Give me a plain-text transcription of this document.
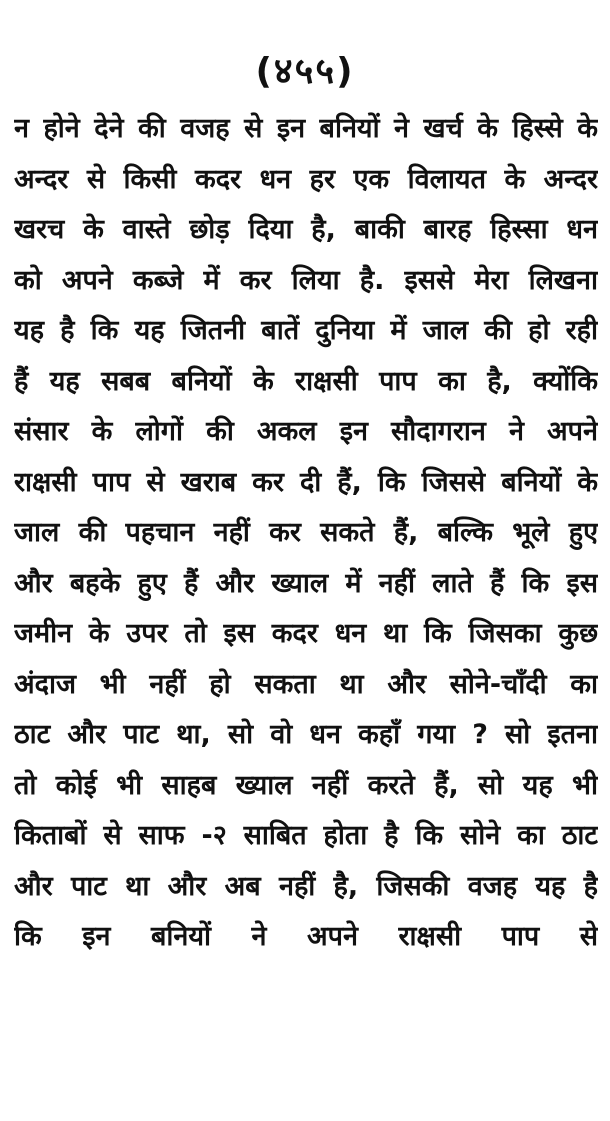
(४५५)
न होने देने की वजह से इन बनियों ने खर्च के हिस्से के
अन्दर से किसी कदर धन हर एक विलायत के अन्दर
खरच के वास्ते छोड़ दिया है, बाकी बारह हिस्सा धन
को अपने कब्जे में कर लिया है. इससे मेरा लिखना
यह है कि यह जितनी बातें दुनिया में जाल की हो रही
हैं यह सबब बनियों के राक्षसी पाप का है, क्योंकि
संसार के लोगों की अकल इन सौदागरान ने अपने
राक्षसी पाप से खराब कर दी हैं, कि जिससे बनियों के
जाल की पहचान नहीं कर सकते हैं, बल्कि भूले हुए
और बहके हुए हैं और ख्याल में नहीं लाते हैं कि इस
जमीन के उपर तो इस कदर धन था कि जिसका कुछ
अंदाज भी नहीं हो सकता था और सोने-चाँदी का
ठाट और पाट था, सो वो धन कहाँ गया ? सो इतना
तो कोई भी साहब ख्याल नहीं करते हैं, सो यह भी
किताबों से साफ -२ साबित होता है कि सोने का ठाट
और पाट था और अब नहीं है, जिसकी वजह यह है
कि इन बनियों ने अपने राक्षसी पाप से
